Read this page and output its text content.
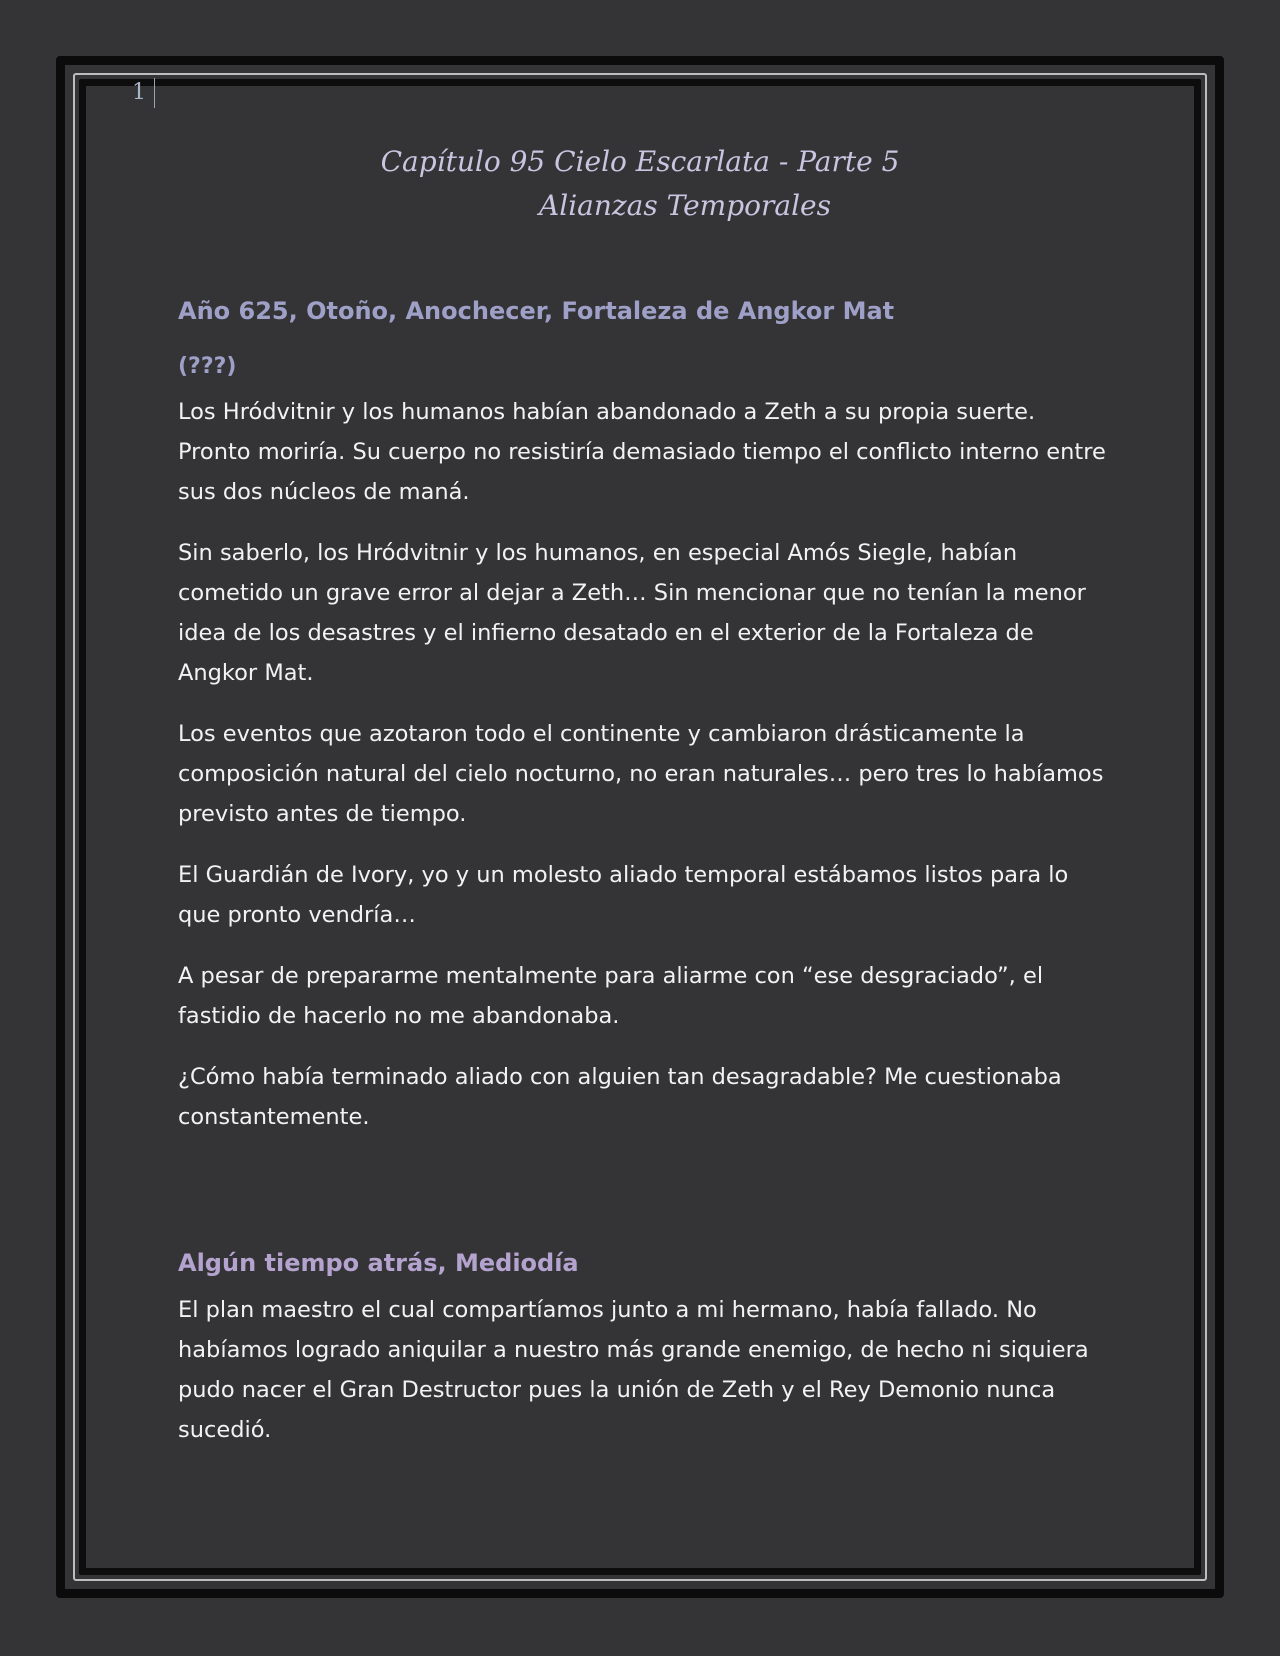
1
Capítulo 95 Cielo Escarlata - Parte 5
Alianzas Temporales

Año 625, Otoño, Anochecer, Fortaleza de Angkor Mat

(???)

Los Hródvitnir y los humanos habían abandonado a Zeth a su propia suerte. Pronto moriría. Su cuerpo no resistiría demasiado tiempo el conflicto interno entre sus dos núcleos de maná.

Sin saberlo, los Hródvitnir y los humanos, en especial Amós Siegle, habían cometido un grave error al dejar a Zeth… Sin mencionar que no tenían la menor idea de los desastres y el infierno desatado en el exterior de la Fortaleza de Angkor Mat.

Los eventos que azotaron todo el continente y cambiaron drásticamente la composición natural del cielo nocturno, no eran naturales… pero tres lo habíamos previsto antes de tiempo.

El Guardián de Ivory, yo y un molesto aliado temporal estábamos listos para lo que pronto vendría…

A pesar de prepararme mentalmente para aliarme con “ese desgraciado”, el fastidio de hacerlo no me abandonaba.

¿Cómo había terminado aliado con alguien tan desagradable? Me cuestionaba constantemente.

Algún tiempo atrás, Mediodía

El plan maestro el cual compartíamos junto a mi hermano, había fallado. No habíamos logrado aniquilar a nuestro más grande enemigo, de hecho ni siquiera pudo nacer el Gran Destructor pues la unión de Zeth y el Rey Demonio nunca sucedió.
